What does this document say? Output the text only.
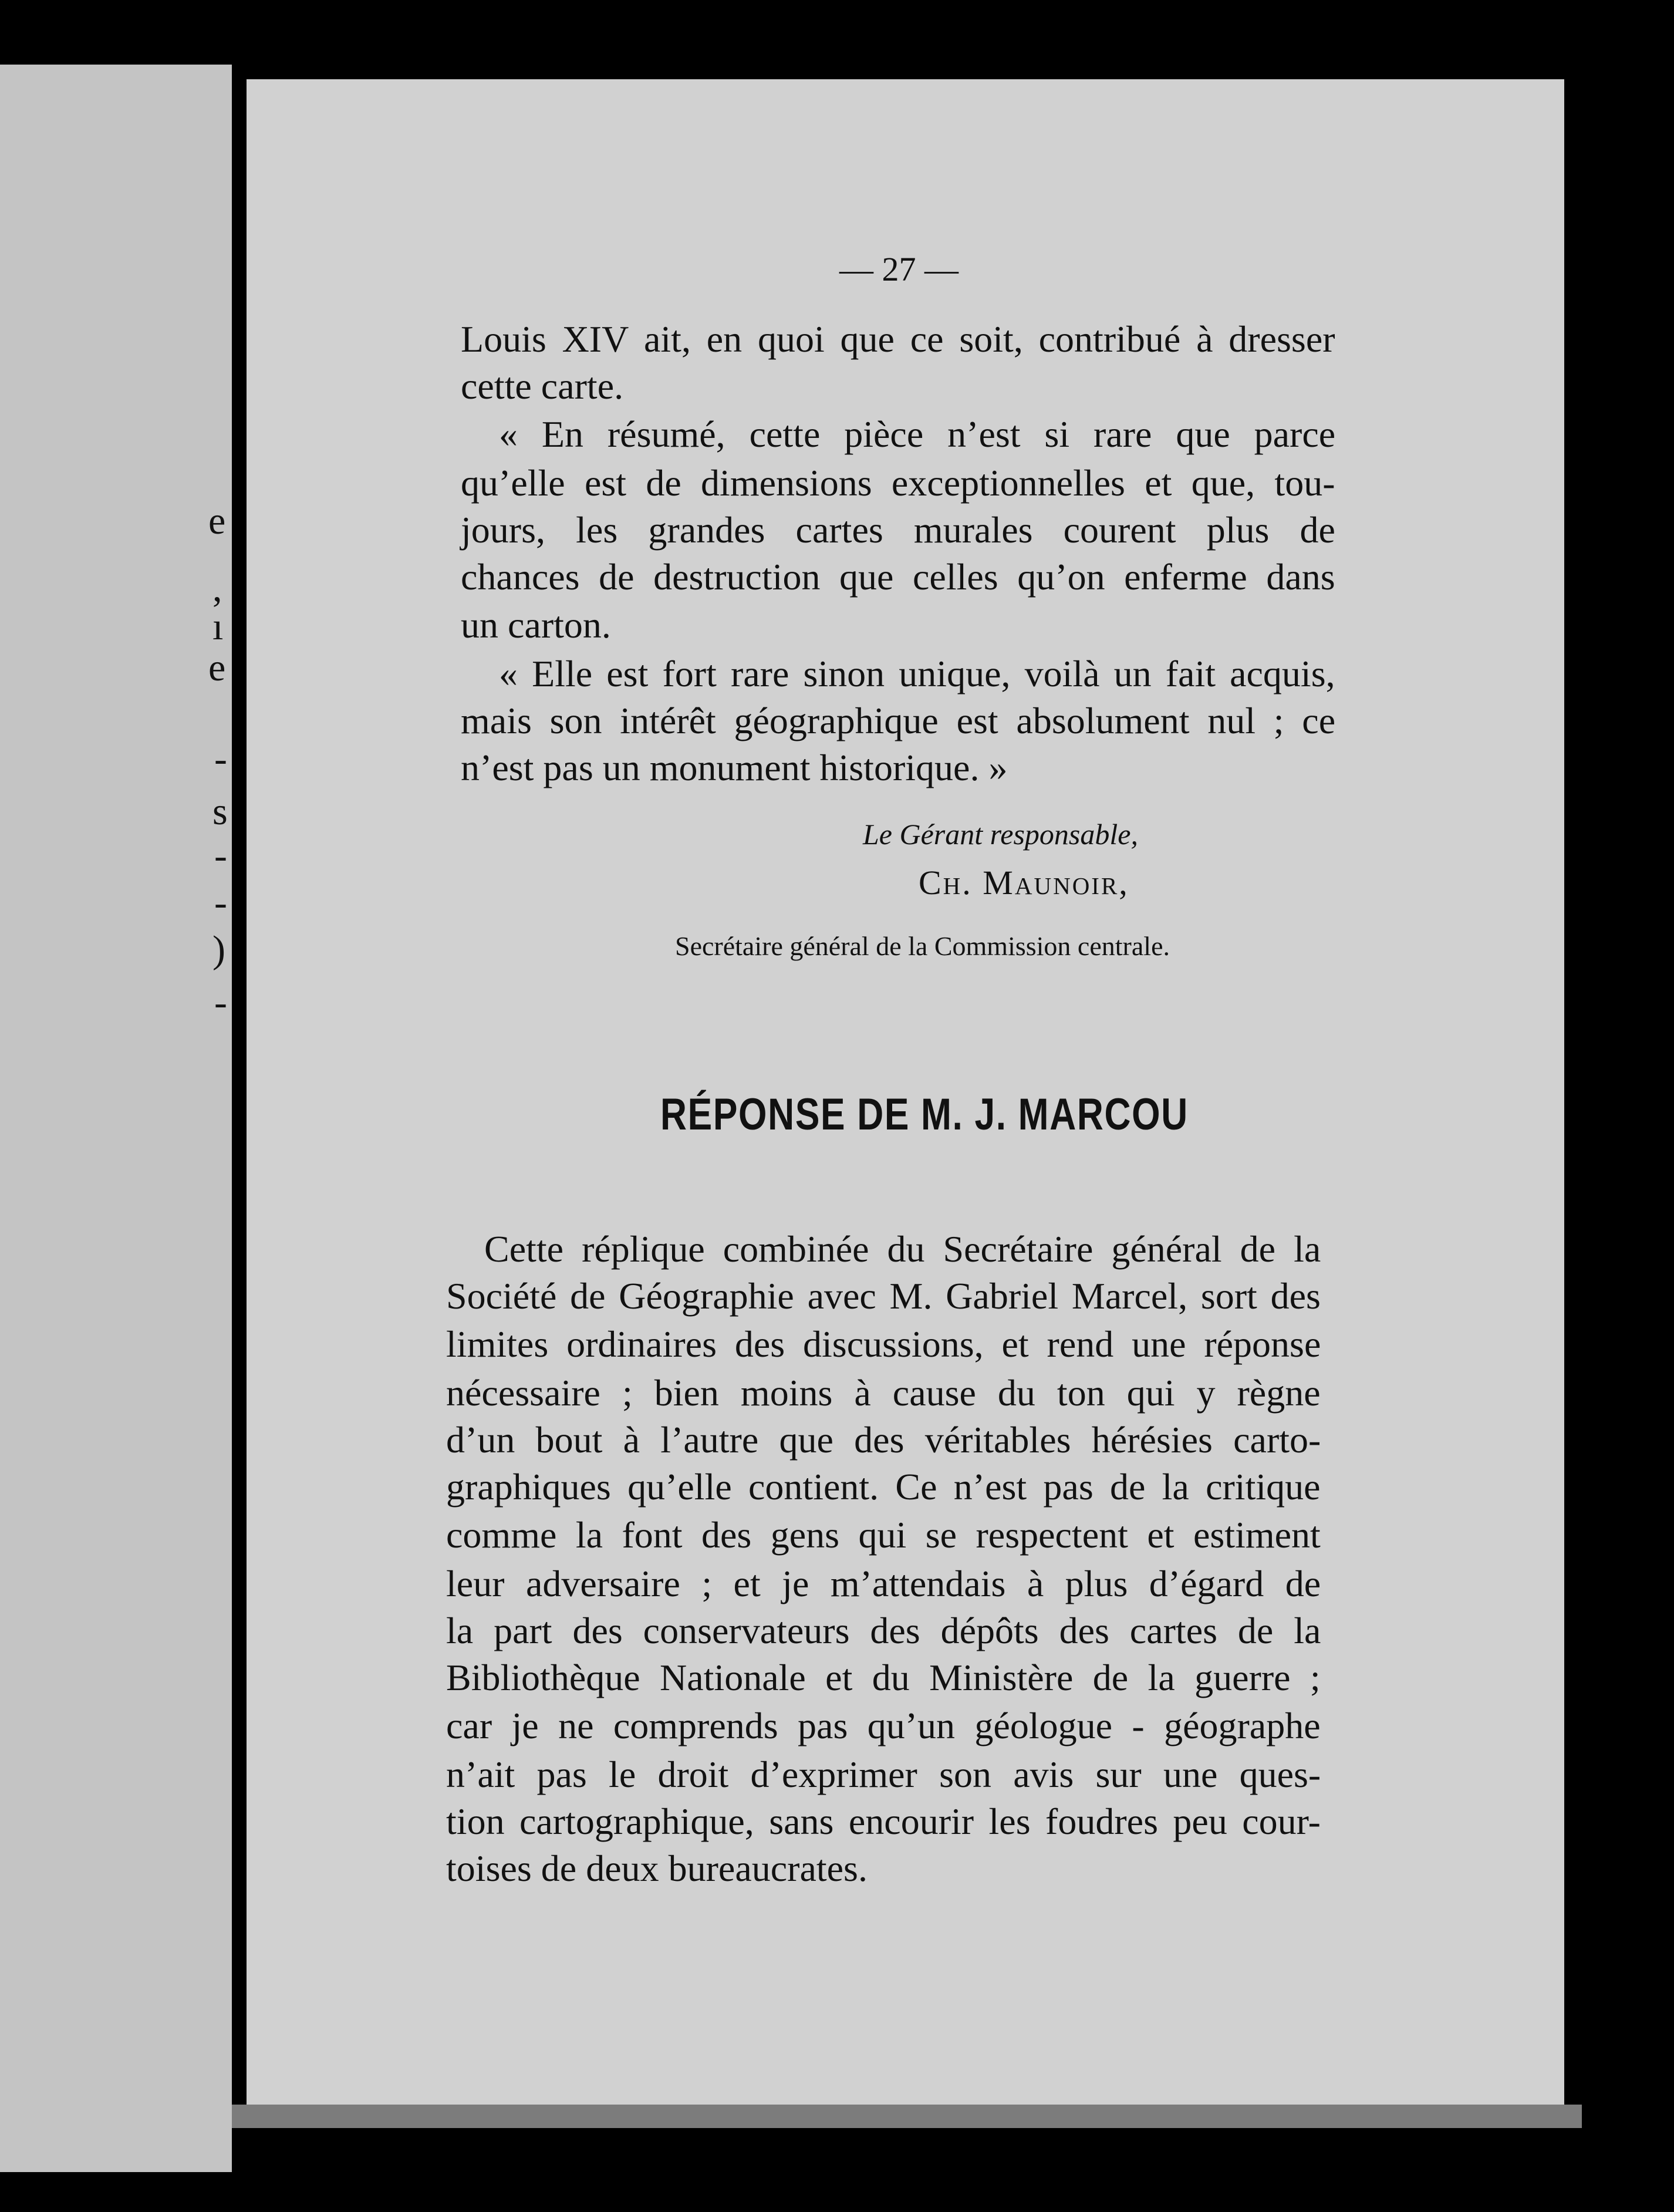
e
,
ı
e
-
s
-
-
)
-
— 27 —
Louis XIV ait, en quoi que ce soit, contribué à dresser
cette carte.
« En résumé, cette pièce n’est si rare que parce
qu’elle est de dimensions exceptionnelles et que, tou-
jours, les grandes cartes murales courent plus de
chances de destruction que celles qu’on enferme dans
un carton.
« Elle est fort rare sinon unique, voilà un fait acquis,
mais son intérêt géographique est absolument nul ; ce
n’est pas un monument historique. »
Le Gérant responsable,
Ch. Maunoir,
Secrétaire général de la Commission centrale.
RÉPONSE DE M. J. MARCOU
Cette réplique combinée du Secrétaire général de la
Société de Géographie avec M. Gabriel Marcel, sort des
limites ordinaires des discussions, et rend une réponse
nécessaire ; bien moins à cause du ton qui y règne
d’un bout à l’autre que des véritables hérésies carto-
graphiques qu’elle contient. Ce n’est pas de la critique
comme la font des gens qui se respectent et estiment
leur adversaire ; et je m’attendais à plus d’égard de
la part des conservateurs des dépôts des cartes de la
Bibliothèque Nationale et du Ministère de la guerre ;
car je ne comprends pas qu’un géologue - géographe
n’ait pas le droit d’exprimer son avis sur une ques-
tion cartographique, sans encourir les foudres peu cour-
toises de deux bureaucrates.
